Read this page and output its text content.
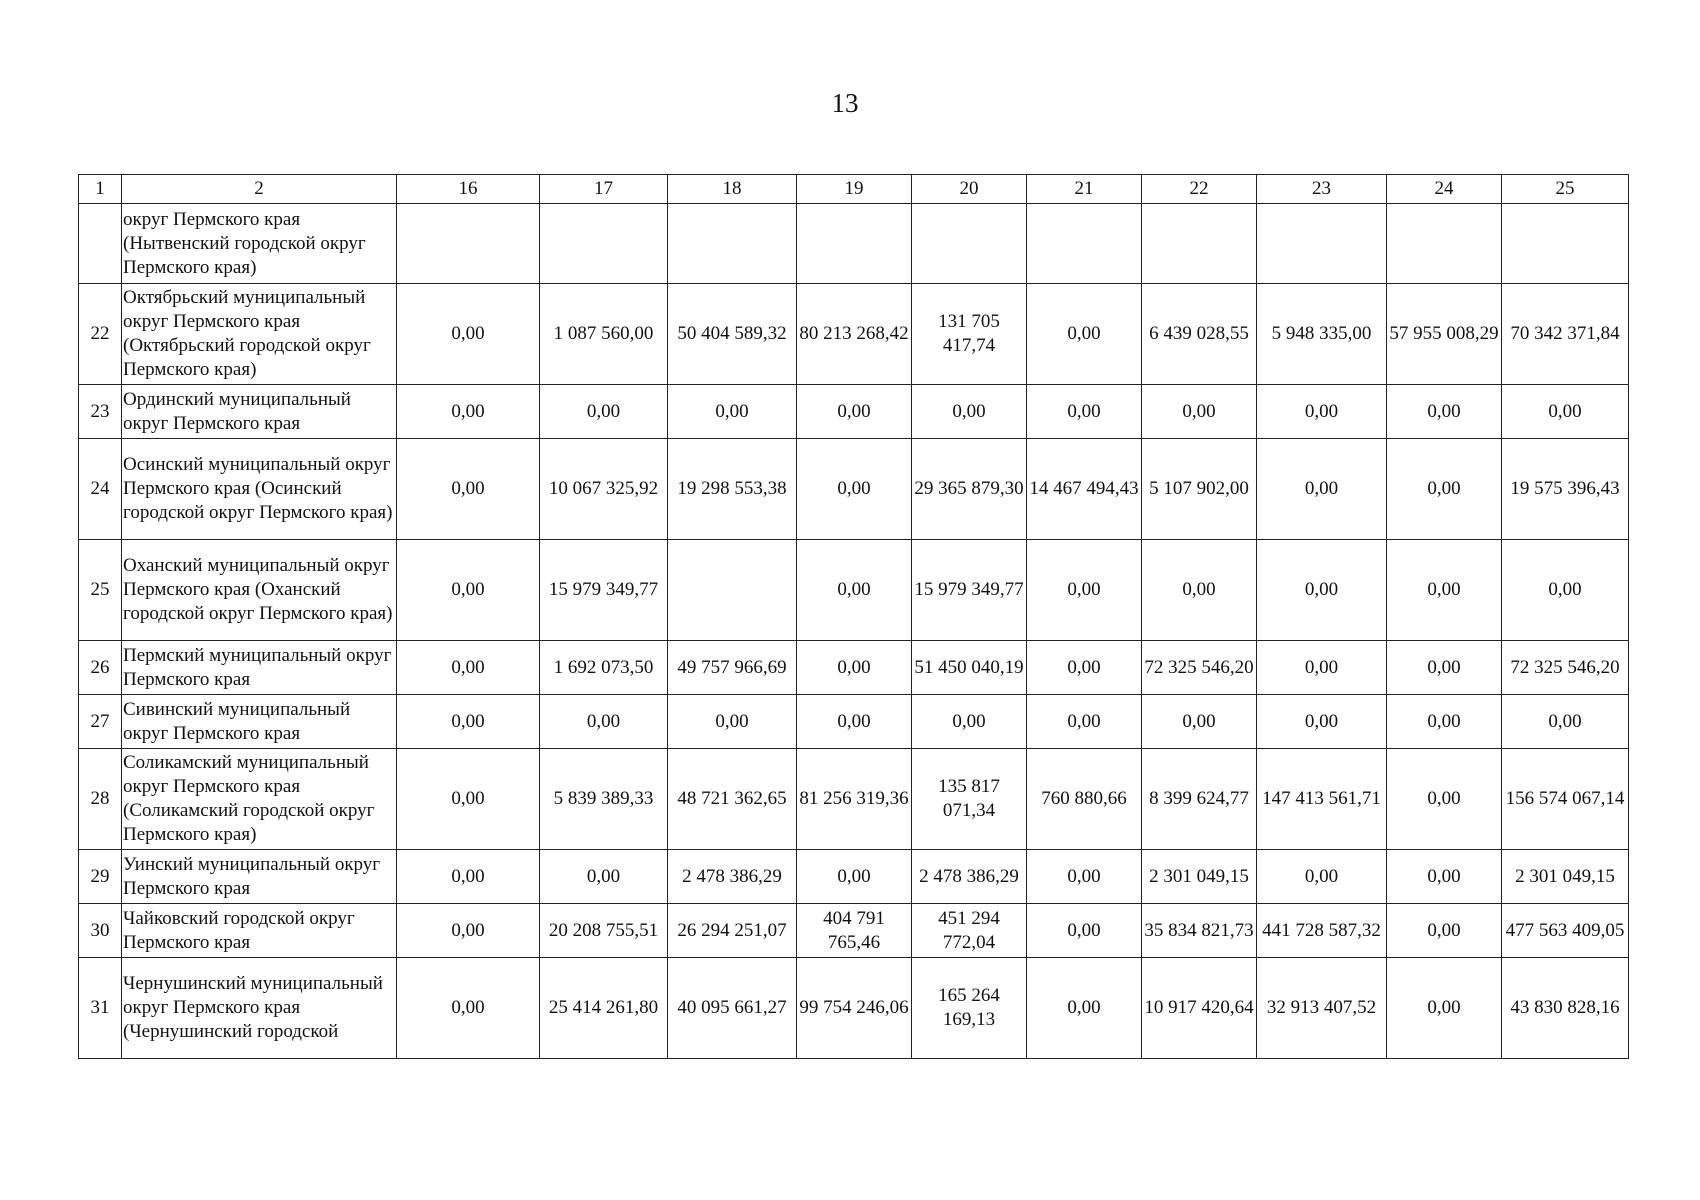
13
1	2	16	17	18	19	20	21	22	23	24	25
	округ Пермского края (Нытвенский городской округ Пермского края)										
22	Октябрьский муниципальный округ Пермского края (Октябрьский городской округ Пермского края)	0,00	1 087 560,00	50 404 589,32	80 213 268,42	131 705 417,74	0,00	6 439 028,55	5 948 335,00	57 955 008,29	70 342 371,84
23	Ординский муниципальный округ Пермского края	0,00	0,00	0,00	0,00	0,00	0,00	0,00	0,00	0,00	0,00
24	Осинский муниципальный округ Пермского края (Осинский городской округ Пермского края)	0,00	10 067 325,92	19 298 553,38	0,00	29 365 879,30	14 467 494,43	5 107 902,00	0,00	0,00	19 575 396,43
25	Оханский муниципальный округ Пермского края (Оханский городской округ Пермского края)	0,00	15 979 349,77		0,00	15 979 349,77	0,00	0,00	0,00	0,00	0,00
26	Пермский муниципальный округ Пермского края	0,00	1 692 073,50	49 757 966,69	0,00	51 450 040,19	0,00	72 325 546,20	0,00	0,00	72 325 546,20
27	Сивинский муниципальный округ Пермского края	0,00	0,00	0,00	0,00	0,00	0,00	0,00	0,00	0,00	0,00
28	Соликамский муниципальный округ Пермского края (Соликамский городской округ Пермского края)	0,00	5 839 389,33	48 721 362,65	81 256 319,36	135 817 071,34	760 880,66	8 399 624,77	147 413 561,71	0,00	156 574 067,14
29	Уинский муниципальный округ Пермского края	0,00	0,00	2 478 386,29	0,00	2 478 386,29	0,00	2 301 049,15	0,00	0,00	2 301 049,15
30	Чайковский городской округ Пермского края	0,00	20 208 755,51	26 294 251,07	404 791 765,46	451 294 772,04	0,00	35 834 821,73	441 728 587,32	0,00	477 563 409,05
31	Чернушинский муниципальный округ Пермского края (Чернушинский городской	0,00	25 414 261,80	40 095 661,27	99 754 246,06	165 264 169,13	0,00	10 917 420,64	32 913 407,52	0,00	43 830 828,16
